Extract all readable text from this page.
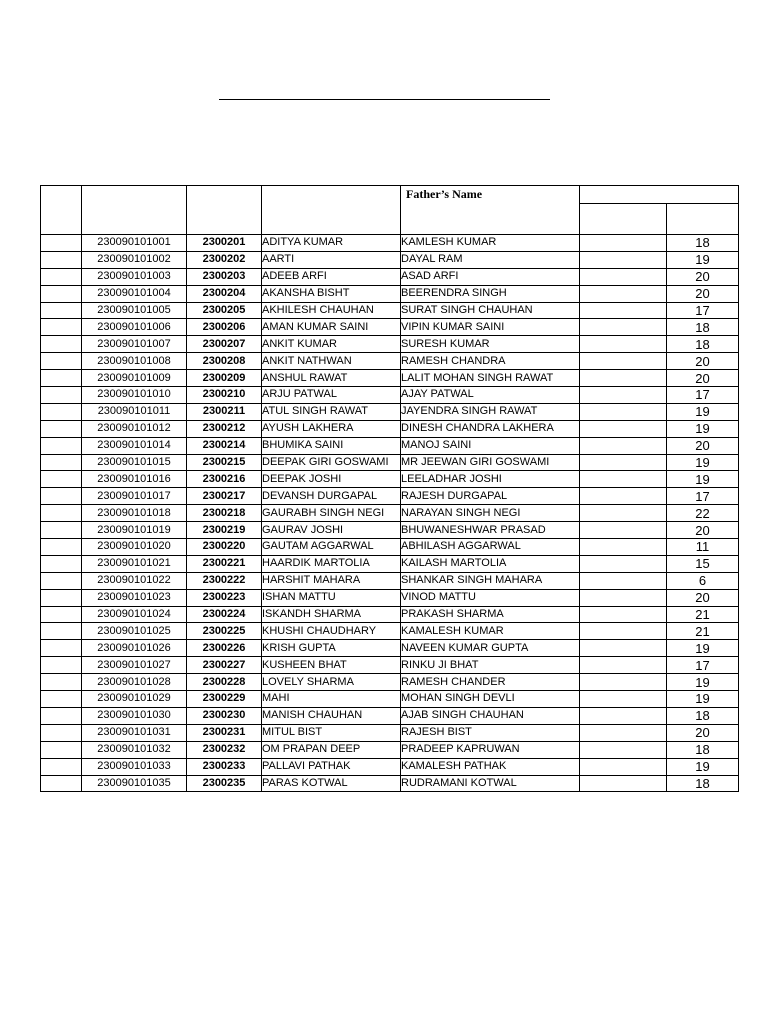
				Father’s Name		

	230090101001	2300201	ADITYA KUMAR	KAMLESH KUMAR		18
	230090101002	2300202	AARTI	DAYAL RAM		19
	230090101003	2300203	ADEEB ARFI	ASAD ARFI		20
	230090101004	2300204	AKANSHA BISHT	BEERENDRA SINGH		20
	230090101005	2300205	AKHILESH CHAUHAN	SURAT SINGH CHAUHAN		17
	230090101006	2300206	AMAN KUMAR SAINI	VIPIN KUMAR SAINI		18
	230090101007	2300207	ANKIT KUMAR	SURESH KUMAR		18
	230090101008	2300208	ANKIT NATHWAN	RAMESH CHANDRA		20
	230090101009	2300209	ANSHUL RAWAT	LALIT MOHAN SINGH RAWAT		20
	230090101010	2300210	ARJU PATWAL	AJAY PATWAL		17
	230090101011	2300211	ATUL SINGH RAWAT	JAYENDRA SINGH RAWAT		19
	230090101012	2300212	AYUSH LAKHERA	DINESH CHANDRA LAKHERA		19
	230090101014	2300214	BHUMIKA SAINI	MANOJ SAINI		20
	230090101015	2300215	DEEPAK GIRI GOSWAMI	MR JEEWAN GIRI GOSWAMI		19
	230090101016	2300216	DEEPAK JOSHI	LEELADHAR JOSHI		19
	230090101017	2300217	DEVANSH DURGAPAL	RAJESH DURGAPAL		17
	230090101018	2300218	GAURABH SINGH NEGI	NARAYAN SINGH NEGI		22
	230090101019	2300219	GAURAV JOSHI	BHUWANESHWAR PRASAD		20
	230090101020	2300220	GAUTAM AGGARWAL	ABHILASH AGGARWAL		11
	230090101021	2300221	HAARDIK MARTOLIA	KAILASH MARTOLIA		15
	230090101022	2300222	HARSHIT MAHARA	SHANKAR SINGH MAHARA		6
	230090101023	2300223	ISHAN MATTU	VINOD MATTU		20
	230090101024	2300224	ISKANDH SHARMA	PRAKASH SHARMA		21
	230090101025	2300225	KHUSHI CHAUDHARY	KAMALESH KUMAR		21
	230090101026	2300226	KRISH GUPTA	NAVEEN KUMAR GUPTA		19
	230090101027	2300227	KUSHEEN BHAT	RINKU JI BHAT		17
	230090101028	2300228	LOVELY SHARMA	RAMESH CHANDER		19
	230090101029	2300229	MAHI	MOHAN SINGH DEVLI		19
	230090101030	2300230	MANISH CHAUHAN	AJAB SINGH CHAUHAN		18
	230090101031	2300231	MITUL BIST	RAJESH BIST		20
	230090101032	2300232	OM PRAPAN DEEP	PRADEEP KAPRUWAN		18
	230090101033	2300233	PALLAVI PATHAK	KAMALESH PATHAK		19
	230090101035	2300235	PARAS KOTWAL	RUDRAMANI KOTWAL		18
